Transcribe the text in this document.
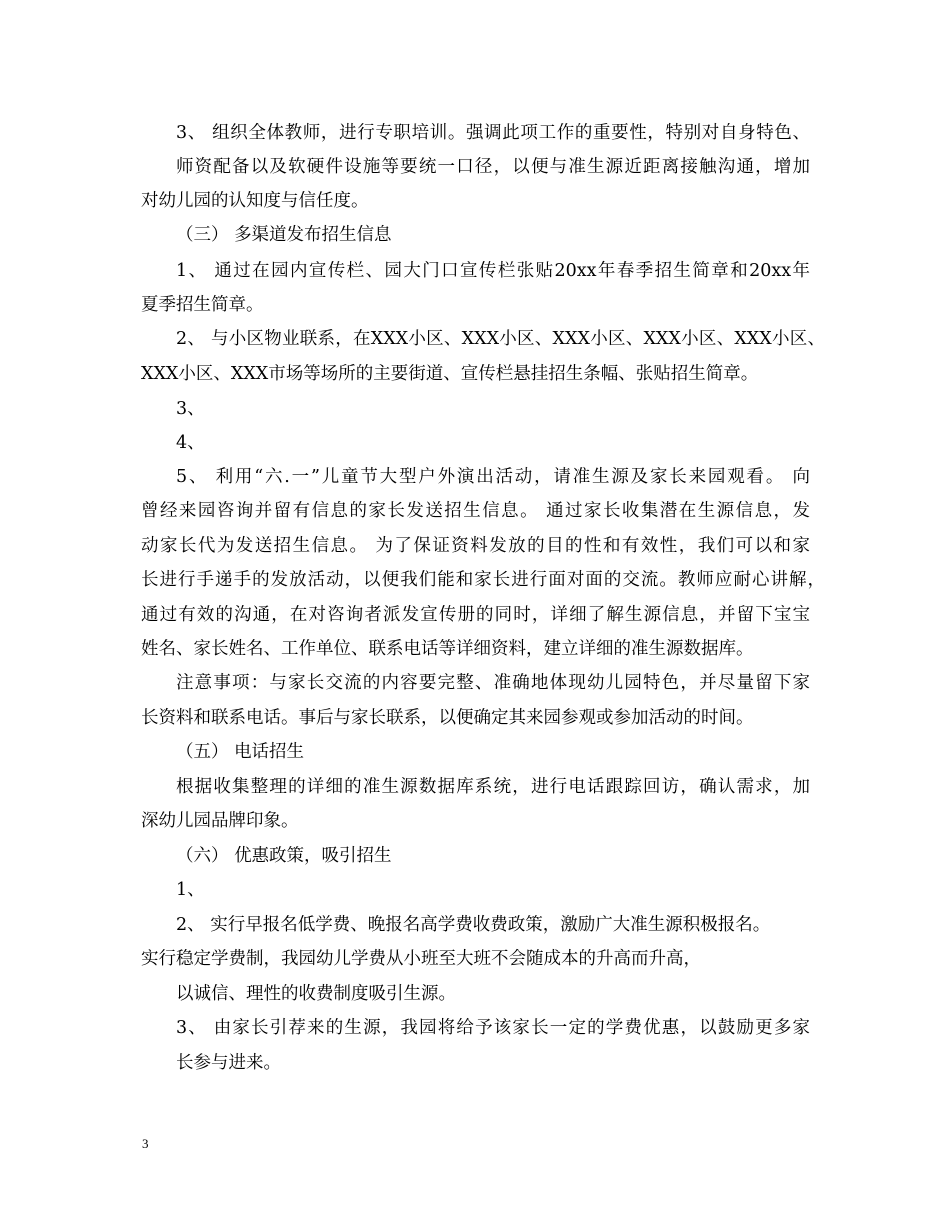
3、 组织全体教师，进行专职培训。强调此项工作的重要性，特别对自身特色、
师资配备以及软硬件设施等要统一口径，以便与准生源近距离接触沟通，增加
对幼儿园的认知度与信任度。
（三） 多渠道发布招生信息
1、 通过在园内宣传栏、园大门口宣传栏张贴20xx年春季招生简章和20xx年
夏季招生简章。
2、 与小区物业联系，在XXX小区、XXX小区、XXX小区、XXX小区、XXX小区、
XXX小区、XXX市场等场所的主要街道、宣传栏悬挂招生条幅、张贴招生简章。
3、
4、
5、 利用“六.一”儿童节大型户外演出活动，请准生源及家长来园观看。 向
曾经来园咨询并留有信息的家长发送招生信息。 通过家长收集潜在生源信息，发
动家长代为发送招生信息。 为了保证资料发放的目的性和有效性，我们可以和家
长进行手递手的发放活动，以便我们能和家长进行面对面的交流。教师应耐心讲解，
通过有效的沟通，在对咨询者派发宣传册的同时，详细了解生源信息，并留下宝宝
姓名、家长姓名、工作单位、联系电话等详细资料，建立详细的准生源数据库。
注意事项：与家长交流的内容要完整、准确地体现幼儿园特色，并尽量留下家
长资料和联系电话。事后与家长联系，以便确定其来园参观或参加活动的时间。
（五） 电话招生
根据收集整理的详细的准生源数据库系统，进行电话跟踪回访，确认需求，加
深幼儿园品牌印象。
（六） 优惠政策，吸引招生
1、
2、 实行早报名低学费、晚报名高学费收费政策，激励广大准生源积极报名。
实行稳定学费制，我园幼儿学费从小班至大班不会随成本的升高而升高，
以诚信、理性的收费制度吸引生源。
3、 由家长引荐来的生源，我园将给予该家长一定的学费优惠，以鼓励更多家
长参与进来。
3
